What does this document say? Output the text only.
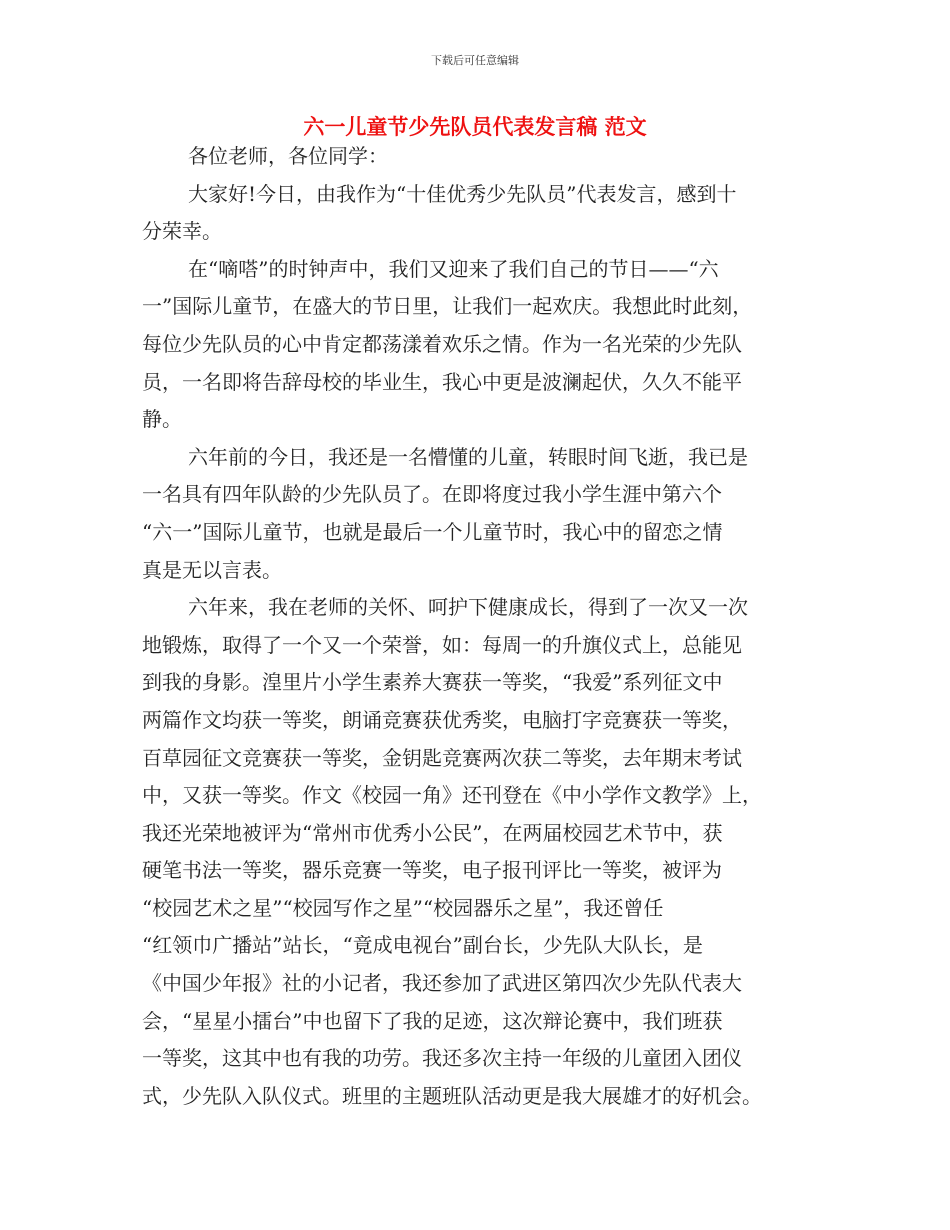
下载后可任意编辑
六一儿童节少先队员代表发言稿 范文
各位老师，各位同学：
大家好!今日，由我作为“十佳优秀少先队员”代表发言，感到十
分荣幸。
在“嘀嗒”的时钟声中，我们又迎来了我们自己的节日——“六
一”国际儿童节，在盛大的节日里，让我们一起欢庆。我想此时此刻，
每位少先队员的心中肯定都荡漾着欢乐之情。作为一名光荣的少先队
员，一名即将告辞母校的毕业生，我心中更是波澜起伏，久久不能平
静。
六年前的今日，我还是一名懵懂的儿童，转眼时间飞逝，我已是
一名具有四年队龄的少先队员了。在即将度过我小学生涯中第六个
“六一”国际儿童节，也就是最后一个儿童节时，我心中的留恋之情
真是无以言表。
六年来，我在老师的关怀、呵护下健康成长，得到了一次又一次
地锻炼，取得了一个又一个荣誉，如：每周一的升旗仪式上，总能见
到我的身影。湟里片小学生素养大赛获一等奖，“我爱”系列征文中
两篇作文均获一等奖，朗诵竞赛获优秀奖，电脑打字竞赛获一等奖，
百草园征文竞赛获一等奖，金钥匙竞赛两次获二等奖，去年期末考试
中，又获一等奖。作文《校园一角》还刊登在《中小学作文教学》上，
我还光荣地被评为“常州市优秀小公民”，在两届校园艺术节中，获
硬笔书法一等奖，器乐竞赛一等奖，电子报刊评比一等奖，被评为
“校园艺术之星”“校园写作之星”“校园器乐之星”，我还曾任
“红领巾广播站”站长，“竟成电视台”副台长，少先队大队长，是
《中国少年报》社的小记者，我还参加了武进区第四次少先队代表大
会，“星星小擂台”中也留下了我的足迹，这次辩论赛中，我们班获
一等奖，这其中也有我的功劳。我还多次主持一年级的儿童团入团仪
式，少先队入队仪式。班里的主题班队活动更是我大展雄才的好机会。
